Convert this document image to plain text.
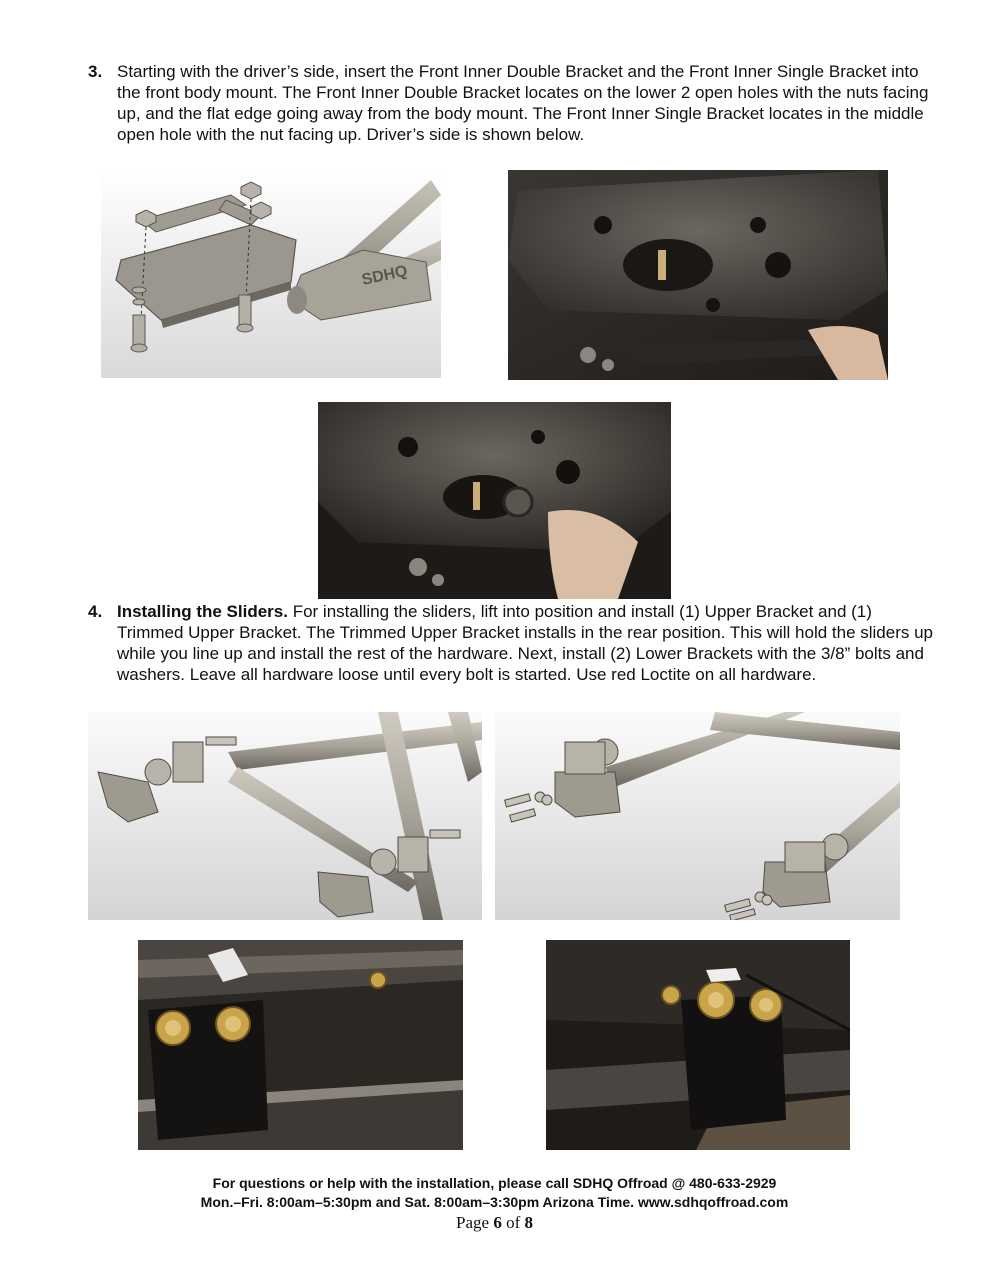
3. Starting with the driver’s side, insert the Front Inner Double Bracket and the Front Inner Single Bracket into the front body mount. The Front Inner Double Bracket locates on the lower 2 open holes with the nuts facing up, and the flat edge going away from the body mount. The Front Inner Single Bracket locates in the middle open hole with the nut facing up. Driver’s side is shown below.
SDHQ
4. Installing the Sliders. For installing the sliders, lift into position and install (1) Upper Bracket and (1) Trimmed Upper Bracket. The Trimmed Upper Bracket installs in the rear position. This will hold the sliders up while you line up and install the rest of the hardware. Next, install (2) Lower Brackets with the 3/8” bolts and washers. Leave all hardware loose until every bolt is started. Use red Loctite on all hardware.
For questions or help with the installation, please call SDHQ Offroad @ 480-633-2929
Mon.–Fri. 8:00am–5:30pm and Sat. 8:00am–3:30pm Arizona Time. www.sdhqoffroad.com
Page 6 of 8
